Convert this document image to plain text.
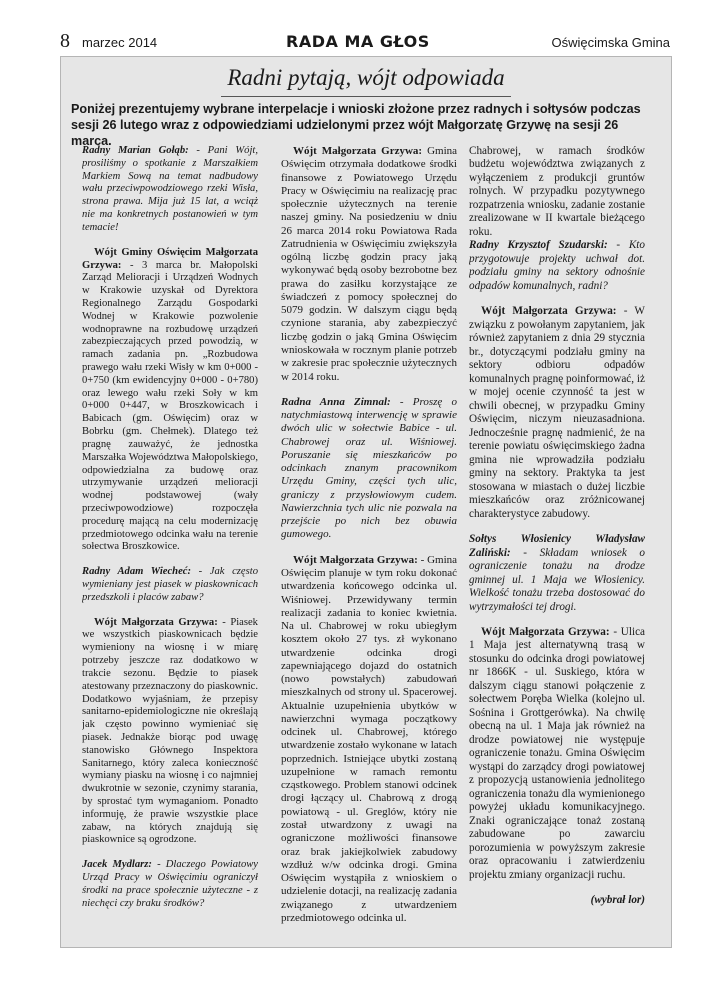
8 marzec 2014	RADA MA GŁOS	Oświęcimska Gmina
Radni pytają, wójt odpowiada
Poniżej prezentujemy wybrane interpelacje i wnioski złożone przez radnych i sołtysów podczas sesji 26 lutego wraz z odpowiedziami udzielonymi przez wójt Małgorzatę Grzywę na sesji 26 marca.

Radny Marian Gołąb: - Pani Wójt, prosiliśmy o spotkanie z Marszałkiem Markiem Sową na temat nadbudowy wału przeciwpowodziowego rzeki Wisła, strona prawa. Mija już 15 lat, a wciąż nie ma konkretnych postanowień w tym temacie!

Wójt Gminy Oświęcim Małgorzata Grzywa: - 3 marca br. Małopolski Zarząd Melioracji i Urządzeń Wodnych w Krakowie uzyskał od Dyrektora Regionalnego Zarządu Gospodarki Wodnej w Krakowie pozwolenie wodnoprawne na rozbudowę urządzeń zabezpieczających przed powodzią, w ramach zadania pn. „Rozbudowa prawego wału rzeki Wisły w km 0+000 - 0+750 (km ewidencyjny 0+000 - 0+780) oraz lewego wału rzeki Soły w km 0+000 0+447, w Broszkowicach i Babicach (gm. Oświęcim) oraz w Bobrku (gm. Chełmek). Dlatego też pragnę zauważyć, że jednostka Marszałka Województwa Małopolskiego, odpowiedzialna za budowę oraz utrzymywanie urządzeń melioracji wodnej podstawowej (wały przeciwpowodziowe) rozpoczęła procedurę mającą na celu modernizację przedmiotowego odcinka wału na terenie sołectwa Broszkowice.

Radny Adam Wiecheć: - Jak często wymieniany jest piasek w piaskownicach przedszkoli i placów zabaw?

Wójt Małgorzata Grzywa: - Piasek we wszystkich piaskownicach będzie wymieniony na wiosnę i w miarę potrzeby jeszcze raz dodatkowo w trakcie sezonu. Będzie to piasek atestowany przeznaczony do piaskownic. Dodatkowo wyjaśniam, że przepisy sanitarno-epidemiologiczne nie określają jak często powinno wymieniać się piasek. Jednakże biorąc pod uwagę stanowisko Głównego Inspektora Sanitarnego, który zaleca konieczność wymiany piasku na wiosnę i co najmniej dwukrotnie w sezonie, czynimy starania, by sprostać tym wymaganiom. Ponadto informuję, że prawie wszystkie place zabaw, na których znajdują się piaskownice są ogrodzone.

Jacek Mydlarz: - Dlaczego Powiatowy Urząd Pracy w Oświęcimiu ograniczył środki na prace społecznie użyteczne - z niechęci czy braku środków?

Wójt Małgorzata Grzywa: Gmina Oświęcim otrzymała dodatkowe środki finansowe z Powiatowego Urzędu Pracy w Oświęcimiu na realizację prac społecznie użytecznych na terenie naszej gminy. Na posiedzeniu w dniu 26 marca 2014 roku Powiatowa Rada Zatrudnienia w Oświęcimiu zwiększyła ogólną liczbę godzin pracy jaką wykonywać będą osoby bezrobotne bez prawa do zasiłku korzystające ze świadczeń z pomocy społecznej do 5079 godzin. W dalszym ciągu będą czynione starania, aby zabezpieczyć liczbę godzin o jaką Gmina Oświęcim wnioskowała w rocznym planie potrzeb w zakresie prac społecznie użytecznych w 2014 roku.

Radna Anna Zimnal: - Proszę o natychmiastową interwencję w sprawie dwóch ulic w sołectwie Babice - ul. Chabrowej oraz ul. Wiśniowej. Poruszanie się mieszkańców po odcinkach znanym pracownikom Urzędu Gminy, części tych ulic, graniczy z przysłowiowym cudem. Nawierzchnia tych ulic nie pozwala na przejście po nich bez obuwia gumowego.

Wójt Małgorzata Grzywa: - Gmina Oświęcim planuje w tym roku dokonać utwardzenia końcowego odcinka ul. Wiśniowej. Przewidywany termin realizacji zadania to koniec kwietnia. Na ul. Chabrowej w roku ubiegłym kosztem około 27 tys. zł wykonano utwardzenie odcinka drogi zapewniającego dojazd do ostatnich (nowo powstałych) zabudowań mieszkalnych od strony ul. Spacerowej. Aktualnie uzupełnienia ubytków w nawierzchni wymaga początkowy odcinek ul. Chabrowej, którego utwardzenie zostało wykonane w latach poprzednich. Istniejące ubytki zostaną uzupełnione w ramach remontu cząstkowego. Problem stanowi odcinek drogi łączący ul. Chabrową z drogą powiatową - ul. Greglów, który nie został utwardzony z uwagi na ograniczone możliwości finansowe oraz brak jakiejkolwiek zabudowy wzdłuż w/w odcinka drogi. Gmina Oświęcim wystąpiła z wnioskiem o udzielenie dotacji, na realizację zadania związanego z utwardzeniem przedmiotowego odcinka ul.

Chabrowej, w ramach środków budżetu województwa związanych z wyłączeniem z produkcji gruntów rolnych. W przypadku pozytywnego rozpatrzenia wniosku, zadanie zostanie zrealizowane w II kwartale bieżącego roku.

Radny Krzysztof Szudarski: - Kto przygotowuje projekty uchwał dot. podziału gminy na sektory odnośnie odpadów komunalnych, radni?

Wójt Małgorzata Grzywa: - W związku z powołanym zapytaniem, jak również zapytaniem z dnia 29 stycznia br., dotyczącymi podziału gminy na sektory odbioru odpadów komunalnych pragnę poinformować, iż w mojej ocenie czynność ta jest w chwili obecnej, w przypadku Gminy Oświęcim, niczym nieuzasadniona. Jednocześnie pragnę nadmienić, że na terenie powiatu oświęcimskiego żadna gmina nie wprowadziła podziału gminy na sektory. Praktyka ta jest stosowana w miastach o dużej liczbie mieszkańców oraz zróżnicowanej charakterystyce zabudowy.

Sołtys Włosienicy Władysław Zaliński: - Składam wniosek o ograniczenie tonażu na drodze gminnej ul. 1 Maja we Włosienicy. Wielkość tonażu trzeba dostosować do wytrzymałości tej drogi.

Wójt Małgorzata Grzywa: - Ulica 1 Maja jest alternatywną trasą w stosunku do odcinka drogi powiatowej nr 1866K - ul. Suskiego, która w dalszym ciągu stanowi połączenie z sołectwem Poręba Wielka (kolejno ul. Sośnina i Grottgerówka). Na chwilę obecną na ul. 1 Maja jak również na drodze powiatowej nie występuje ograniczenie tonażu. Gmina Oświęcim wystąpi do zarządcy drogi powiatowej z propozycją ustanowienia jednolitego ograniczenia tonażu dla wymienionego powyżej układu komunikacyjnego. Znaki ograniczające tonaż zostaną zabudowane po zawarciu porozumienia w powyższym zakresie oraz opracowaniu i zatwierdzeniu projektu zmiany organizacji ruchu.

(wybrał lor)
